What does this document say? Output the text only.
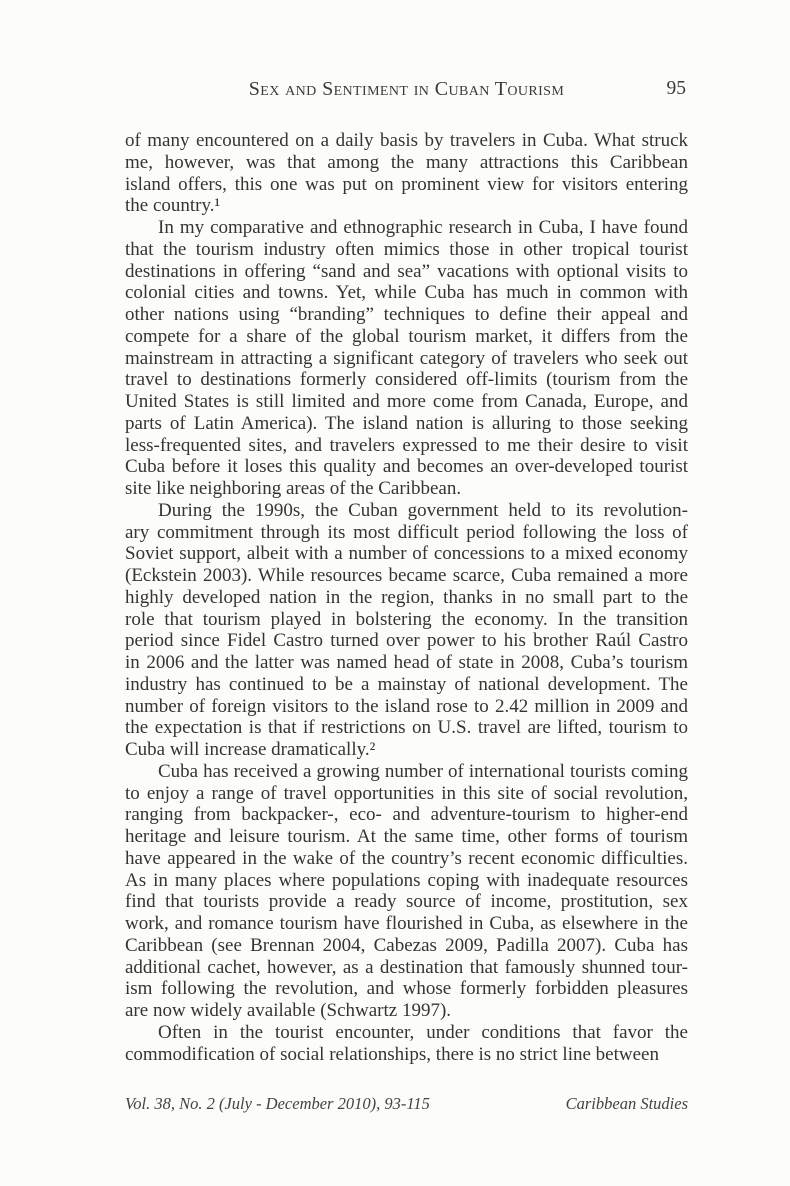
Sex and Sentiment in Cuban Tourism	95
of many encountered on a daily basis by travelers in Cuba. What struck
me, however, was that among the many attractions this Caribbean
island offers, this one was put on prominent view for visitors entering
the country.¹
In my comparative and ethnographic research in Cuba, I have found
that the tourism industry often mimics those in other tropical tourist
destinations in offering “sand and sea” vacations with optional visits to
colonial cities and towns. Yet, while Cuba has much in common with
other nations using “branding” techniques to define their appeal and
compete for a share of the global tourism market, it differs from the
mainstream in attracting a significant category of travelers who seek out
travel to destinations formerly considered off-limits (tourism from the
United States is still limited and more come from Canada, Europe, and
parts of Latin America). The island nation is alluring to those seeking
less-frequented sites, and travelers expressed to me their desire to visit
Cuba before it loses this quality and becomes an over-developed tourist
site like neighboring areas of the Caribbean.
During the 1990s, the Cuban government held to its revolution-
ary commitment through its most difficult period following the loss of
Soviet support, albeit with a number of concessions to a mixed economy
(Eckstein 2003). While resources became scarce, Cuba remained a more
highly developed nation in the region, thanks in no small part to the
role that tourism played in bolstering the economy. In the transition
period since Fidel Castro turned over power to his brother Raúl Castro
in 2006 and the latter was named head of state in 2008, Cuba’s tourism
industry has continued to be a mainstay of national development. The
number of foreign visitors to the island rose to 2.42 million in 2009 and
the expectation is that if restrictions on U.S. travel are lifted, tourism to
Cuba will increase dramatically.²
Cuba has received a growing number of international tourists coming
to enjoy a range of travel opportunities in this site of social revolution,
ranging from backpacker-, eco- and adventure-tourism to higher-end
heritage and leisure tourism. At the same time, other forms of tourism
have appeared in the wake of the country’s recent economic difficulties.
As in many places where populations coping with inadequate resources
find that tourists provide a ready source of income, prostitution, sex
work, and romance tourism have flourished in Cuba, as elsewhere in the
Caribbean (see Brennan 2004, Cabezas 2009, Padilla 2007). Cuba has
additional cachet, however, as a destination that famously shunned tour-
ism following the revolution, and whose formerly forbidden pleasures
are now widely available (Schwartz 1997).
Often in the tourist encounter, under conditions that favor the
commodification of social relationships, there is no strict line between
Vol. 38, No. 2 (July - December 2010), 93-115	Caribbean Studies
